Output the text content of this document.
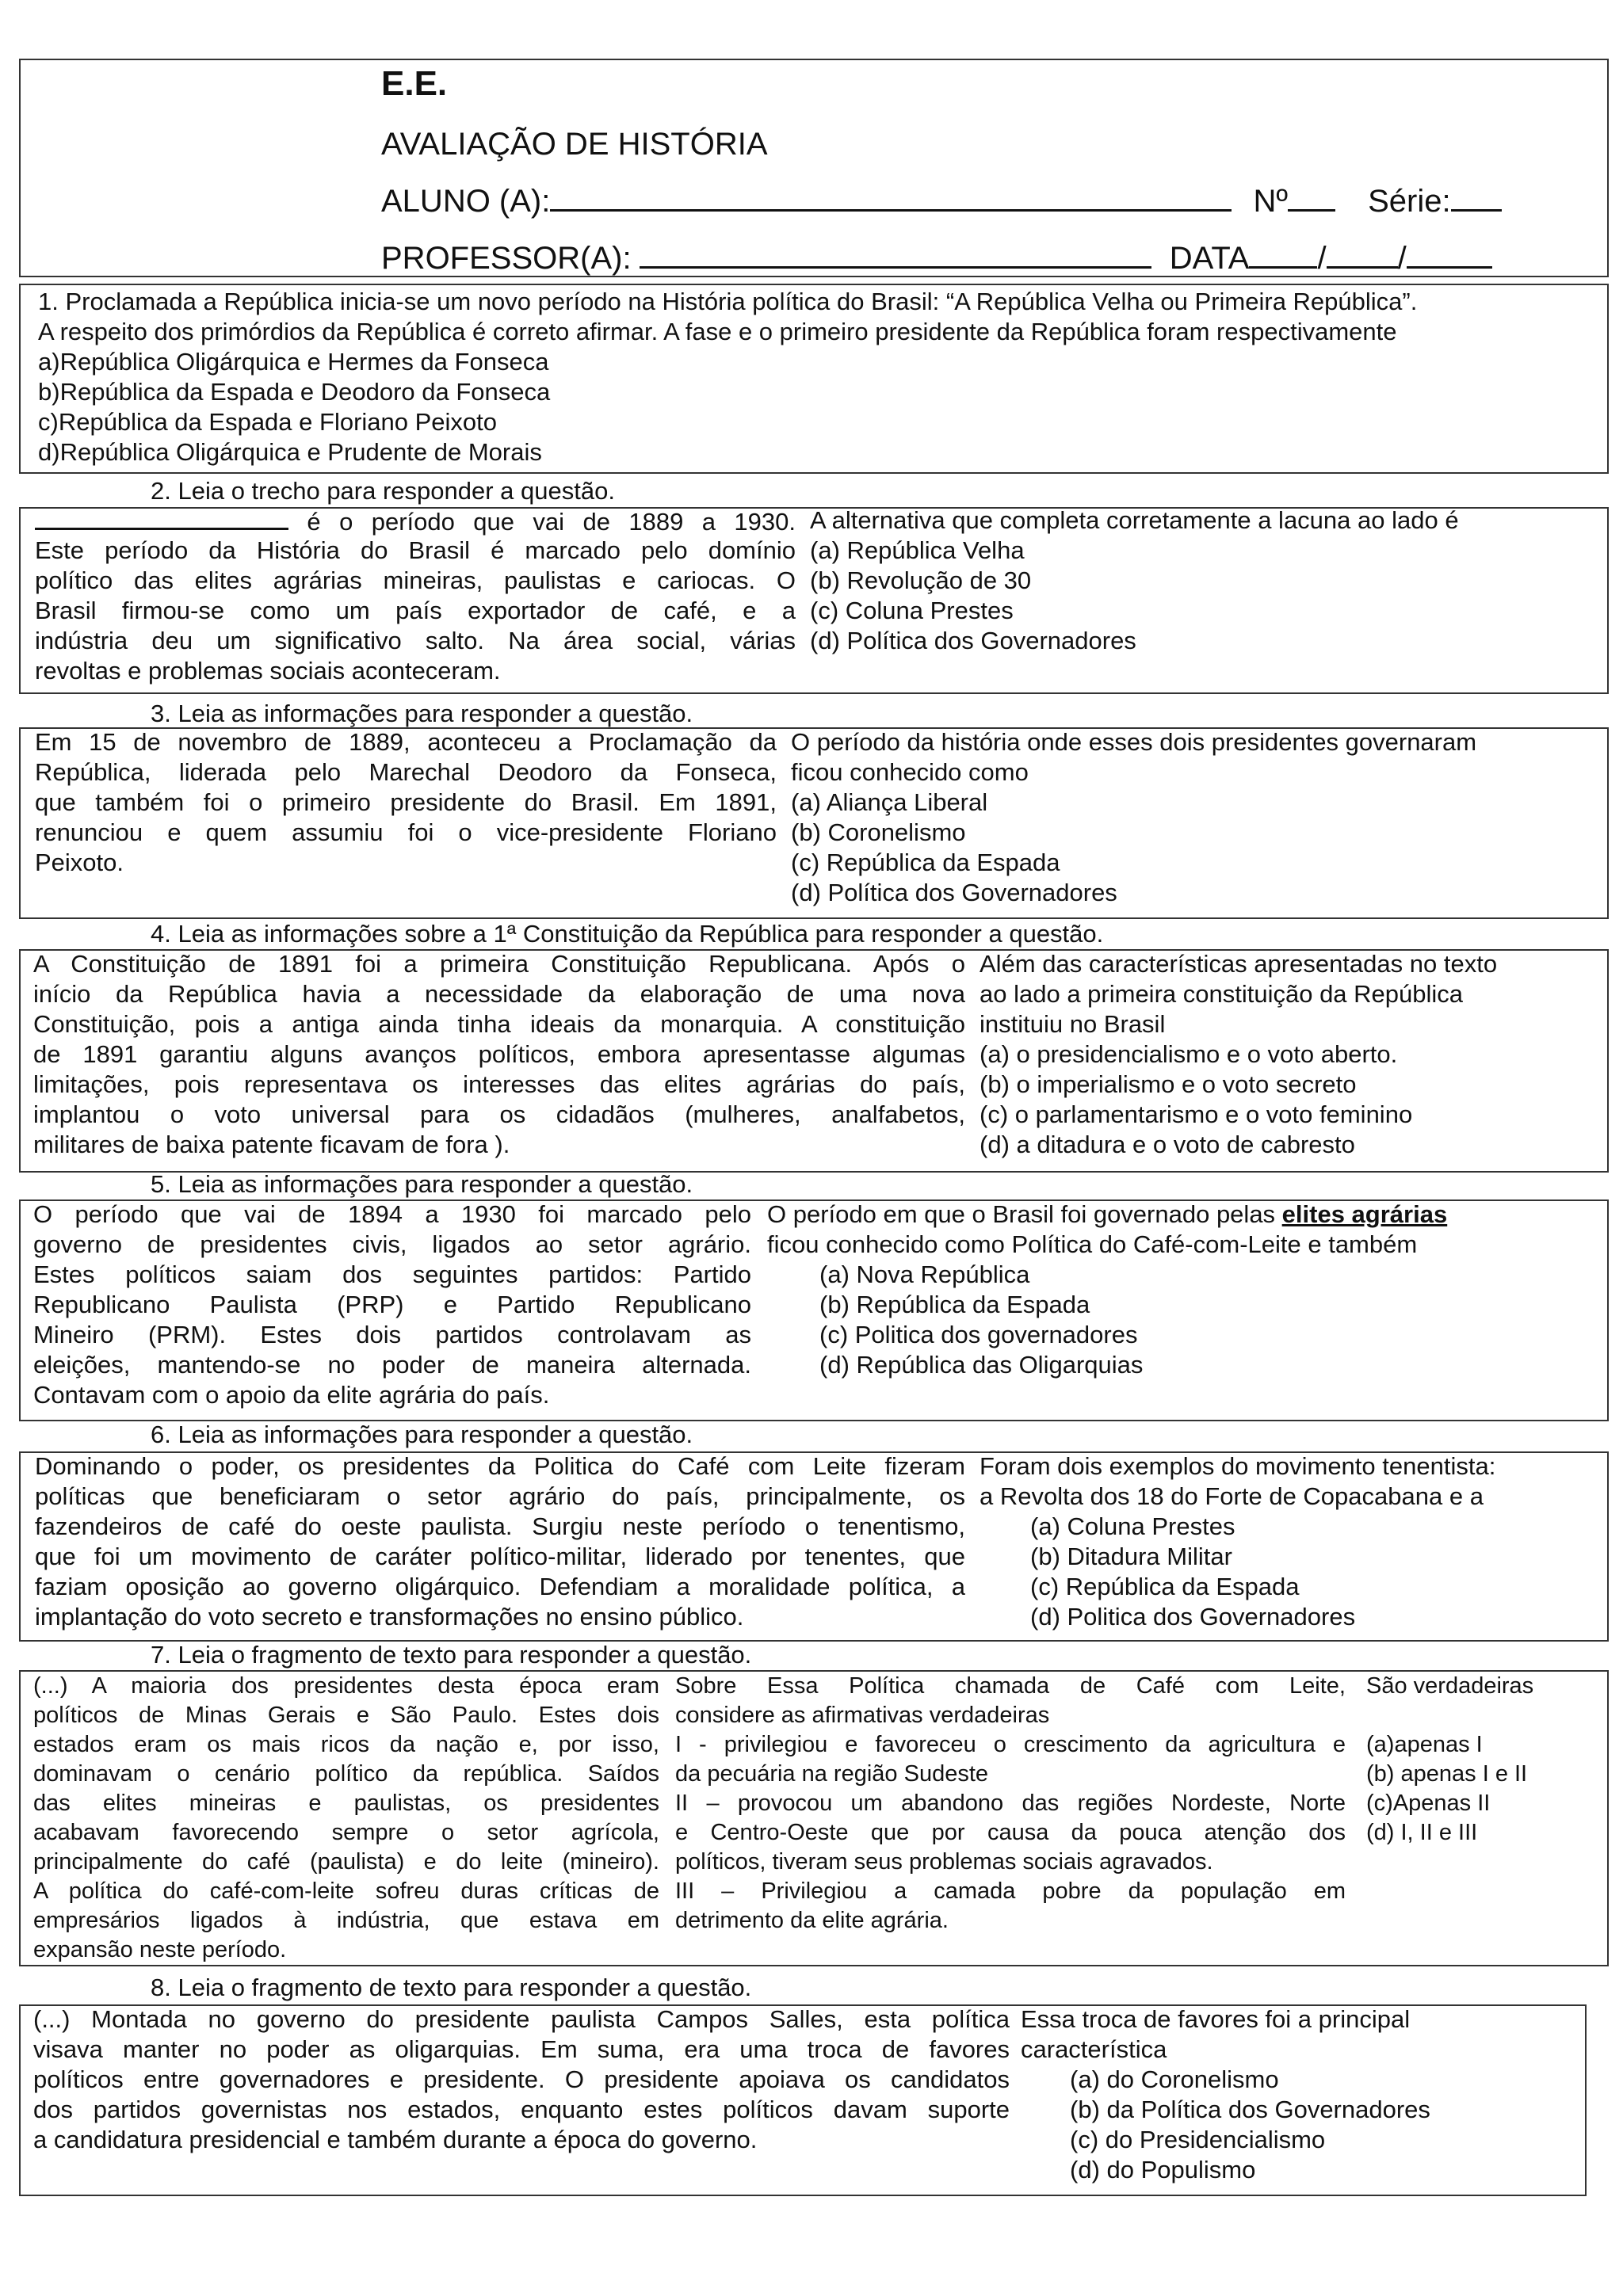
E.E.
AVALIAÇÃO DE HISTÓRIA
ALUNO (A):	Nº	Série:
PROFESSOR(A):	DATA / /

1. Proclamada a República inicia-se um novo período na História política do Brasil: “A República Velha ou Primeira República”.

A respeito dos primórdios da República é correto afirmar. A fase e o primeiro presidente da República foram respectivamente

a)República Oligárquica e Hermes da Fonseca

b)República da Espada e Deodoro da Fonseca

c)República da Espada e Floriano Peixoto

d)República Oligárquica e Prudente de Morais

2. Leia o trecho para responder a questão.

é o período que vai de 1889 a 1930.

Este período da História do Brasil é marcado pelo domínio

político das elites agrárias mineiras, paulistas e cariocas. O

Brasil firmou-se como um país exportador de café, e a

indústria deu um significativo salto. Na área social, várias

revoltas e problemas sociais aconteceram.

A alternativa que completa corretamente a lacuna ao lado é

(a) República Velha

(b) Revolução de 30

(c) Coluna Prestes

(d) Política dos Governadores

3. Leia as informações para responder a questão.

Em 15 de novembro de 1889, aconteceu a Proclamação da

República, liderada pelo Marechal Deodoro da Fonseca,

que também foi o primeiro presidente do Brasil. Em 1891,

renunciou e quem assumiu foi o vice-presidente Floriano

Peixoto.

O período da história onde esses dois presidentes governaram

ficou conhecido como

(a) Aliança Liberal

(b) Coronelismo

(c) República da Espada

(d) Política dos Governadores

4. Leia as informações sobre a 1ª Constituição da República para responder a questão.

A Constituição de 1891 foi a primeira Constituição Republicana. Após o

início da República havia a necessidade da elaboração de uma nova

Constituição, pois a antiga ainda tinha ideais da monarquia. A constituição

de 1891 garantiu alguns avanços políticos, embora apresentasse algumas

limitações, pois representava os interesses das elites agrárias do país,

implantou o voto universal para os cidadãos (mulheres, analfabetos,

militares de baixa patente ficavam de fora ).

Além das características apresentadas no texto

ao lado a primeira constituição da República

instituiu no Brasil

(a) o presidencialismo e o voto aberto.

(b) o imperialismo e o voto secreto

(c) o parlamentarismo e o voto feminino

(d) a ditadura e o voto de cabresto

5. Leia as informações para responder a questão.

O período que vai de 1894 a 1930 foi marcado pelo

governo de presidentes civis, ligados ao setor agrário.

Estes políticos saiam dos seguintes partidos: Partido

Republicano Paulista (PRP) e Partido Republicano

Mineiro (PRM). Estes dois partidos controlavam as

eleições, mantendo-se no poder de maneira alternada.

Contavam com o apoio da elite agrária do país.

O período em que o Brasil foi governado pelas elites agrárias

ficou conhecido como Política do Café-com-Leite e também

(a) Nova República

(b) República da Espada

(c) Politica dos governadores

(d) República das Oligarquias

6. Leia as informações para responder a questão.

Dominando o poder, os presidentes da Politica do Café com Leite fizeram

políticas que beneficiaram o setor agrário do país, principalmente, os

fazendeiros de café do oeste paulista. Surgiu neste período o tenentismo,

que foi um movimento de caráter político-militar, liderado por tenentes, que

faziam oposição ao governo oligárquico. Defendiam a moralidade política, a

implantação do voto secreto e transformações no ensino público.

Foram dois exemplos do movimento tenentista:

a Revolta dos 18 do Forte de Copacabana e a

(a) Coluna Prestes

(b) Ditadura Militar

(c) República da Espada

(d) Politica dos Governadores

7. Leia o fragmento de texto para responder a questão.

(...) A maioria dos presidentes desta época eram

políticos de Minas Gerais e São Paulo. Estes dois

estados eram os mais ricos da nação e, por isso,

dominavam o cenário político da república. Saídos

das elites mineiras e paulistas, os presidentes

acabavam favorecendo sempre o setor agrícola,

principalmente do café (paulista) e do leite (mineiro).

A política do café-com-leite sofreu duras críticas de

empresários ligados à indústria, que estava em

expansão neste período.

Sobre Essa Política chamada de Café com Leite,

considere as afirmativas verdadeiras

I - privilegiou e favoreceu o crescimento da agricultura e

da pecuária na região Sudeste

II – provocou um abandono das regiões Nordeste, Norte

e Centro-Oeste que por causa da pouca atenção dos

políticos, tiveram seus problemas sociais agravados.

III – Privilegiou a camada pobre da população em

detrimento da elite agrária.

São verdadeiras

(a)apenas I

(b) apenas I e II

(c)Apenas II

(d) I, II e III

8. Leia o fragmento de texto para responder a questão.

(...) Montada no governo do presidente paulista Campos Salles, esta política

visava manter no poder as oligarquias. Em suma, era uma troca de favores

políticos entre governadores e presidente. O presidente apoiava os candidatos

dos partidos governistas nos estados, enquanto estes políticos davam suporte

a candidatura presidencial e também durante a época do governo.

Essa troca de favores foi a principal

característica

(a) do Coronelismo

(b) da Política dos Governadores

(c) do Presidencialismo

(d) do Populismo
